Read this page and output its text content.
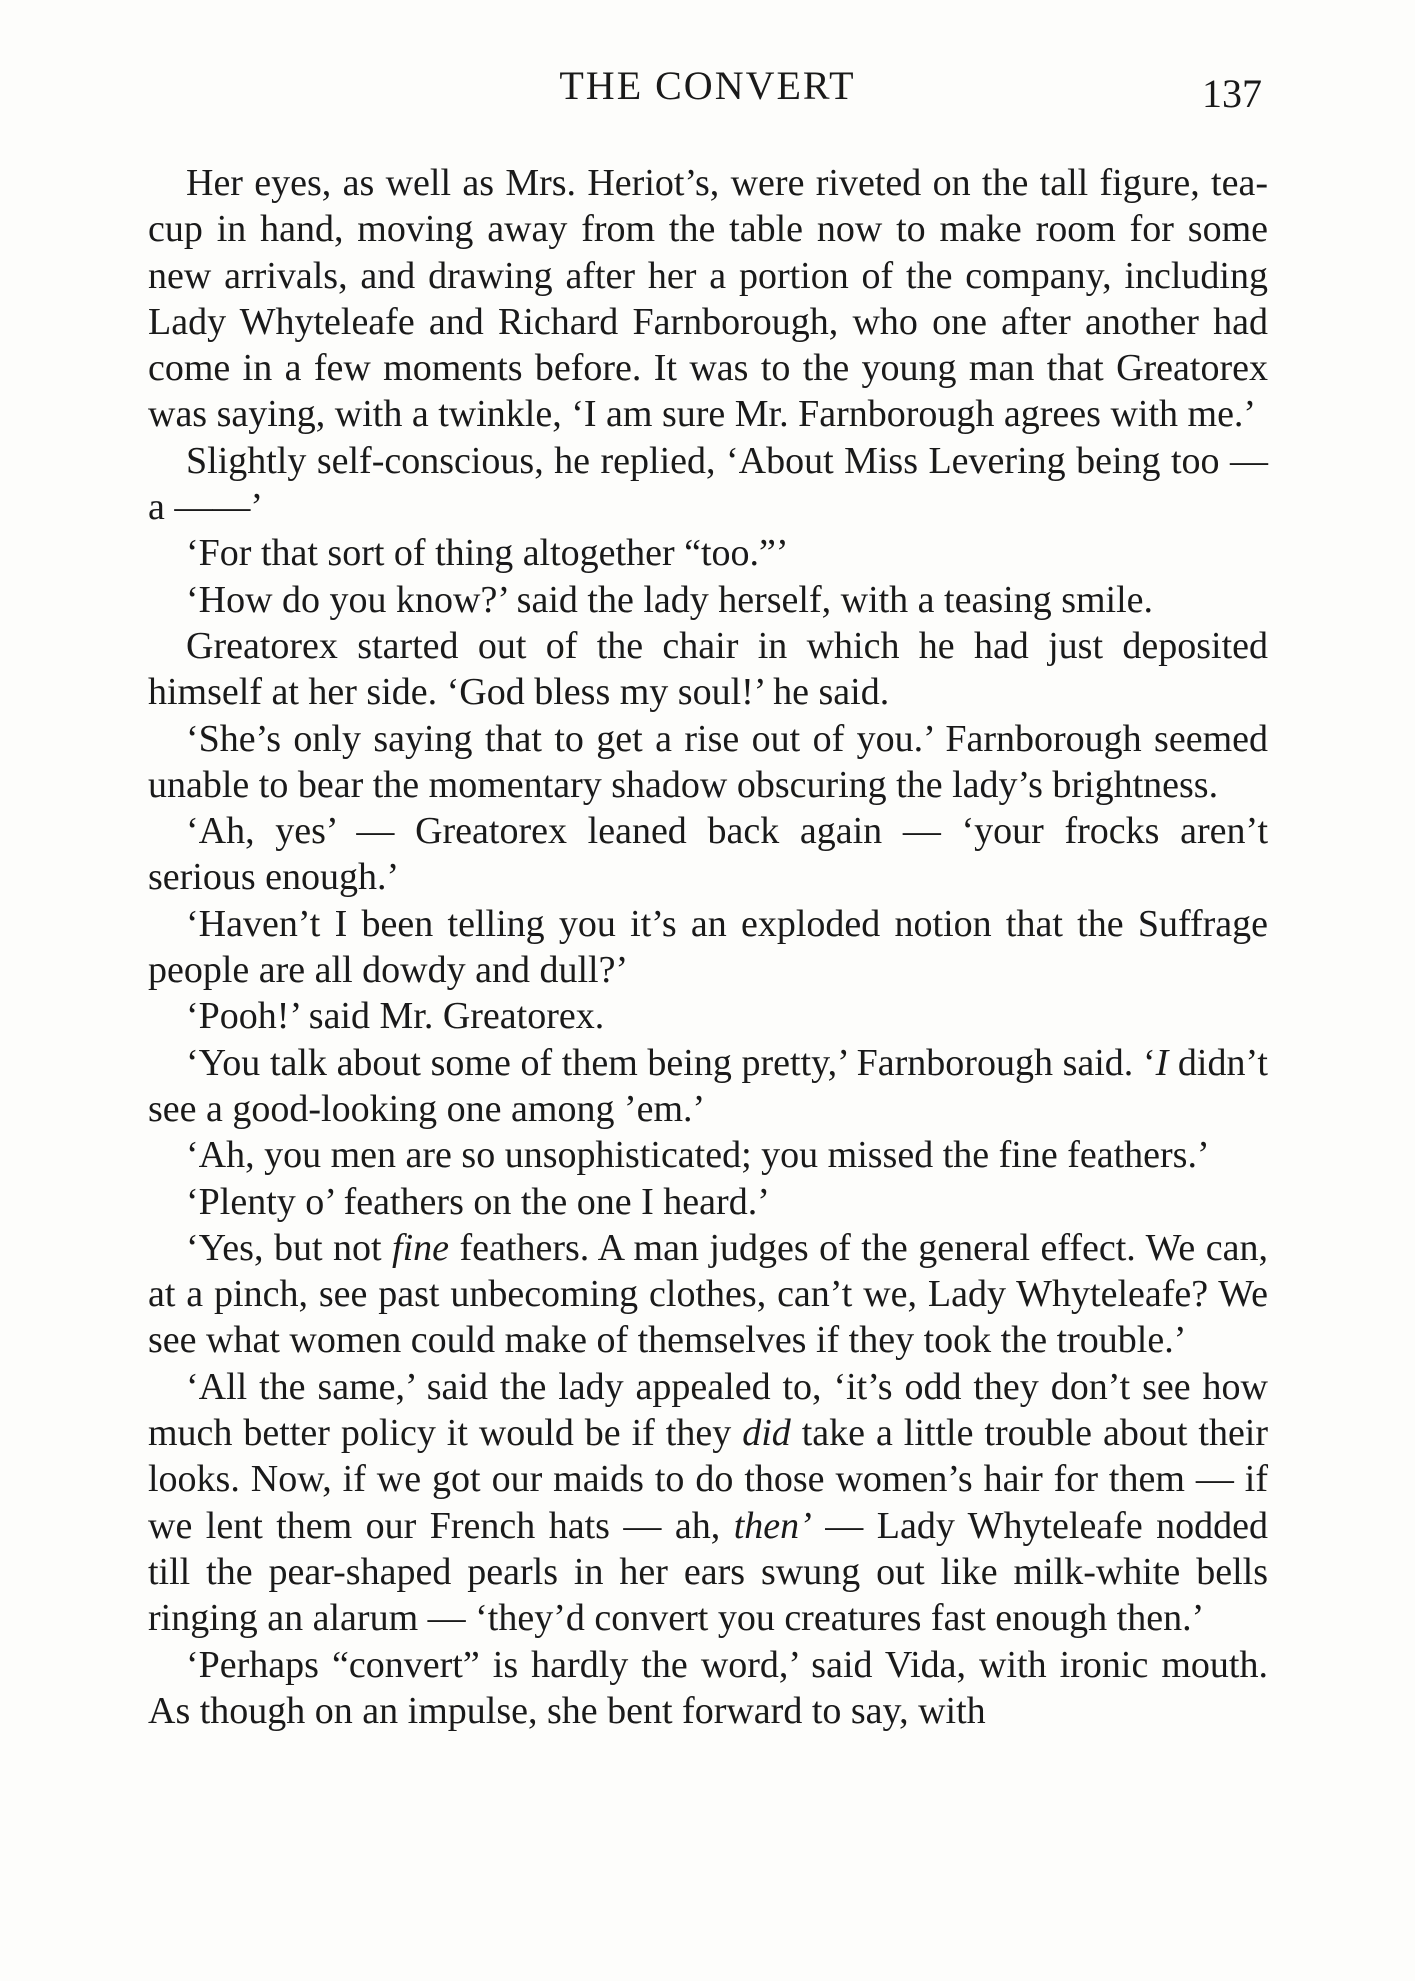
THE CONVERT	137

Her eyes, as well as Mrs. Heriot’s, were riveted on the tall figure, tea-cup in hand, moving away from the table now to make room for some new arrivals, and drawing after her a portion of the company, including Lady Whyteleafe and Richard Farnborough, who one after another had come in a few moments before. It was to the young man that Greatorex was saying, with a twinkle, ‘I am sure Mr. Farnborough agrees with me.’

Slightly self-conscious, he replied, ‘About Miss Levering being too — a ——’

‘For that sort of thing altogether “too.”’

‘How do you know?’ said the lady herself, with a teasing smile.

Greatorex started out of the chair in which he had just deposited himself at her side. ‘God bless my soul!’ he said.

‘She’s only saying that to get a rise out of you.’ Farnborough seemed unable to bear the momentary shadow obscuring the lady’s brightness.

‘Ah, yes’ — Greatorex leaned back again — ‘your frocks aren’t serious enough.’

‘Haven’t I been telling you it’s an exploded notion that the Suffrage people are all dowdy and dull?’

‘Pooh!’ said Mr. Greatorex.

‘You talk about some of them being pretty,’ Farnborough said. ‘I didn’t see a good-looking one among ’em.’

‘Ah, you men are so unsophisticated; you missed the fine feathers.’

‘Plenty o’ feathers on the one I heard.’

‘Yes, but not fine feathers. A man judges of the general effect. We can, at a pinch, see past unbecoming clothes, can’t we, Lady Whyteleafe? We see what women could make of themselves if they took the trouble.’

‘All the same,’ said the lady appealed to, ‘it’s odd they don’t see how much better policy it would be if they did take a little trouble about their looks. Now, if we got our maids to do those women’s hair for them — if we lent them our French hats — ah, then’ — Lady Whyteleafe nodded till the pear-shaped pearls in her ears swung out like milk-white bells ringing an alarum — ‘they’d convert you creatures fast enough then.’

‘Perhaps “convert” is hardly the word,’ said Vida, with ironic mouth. As though on an impulse, she bent forward to say, with
